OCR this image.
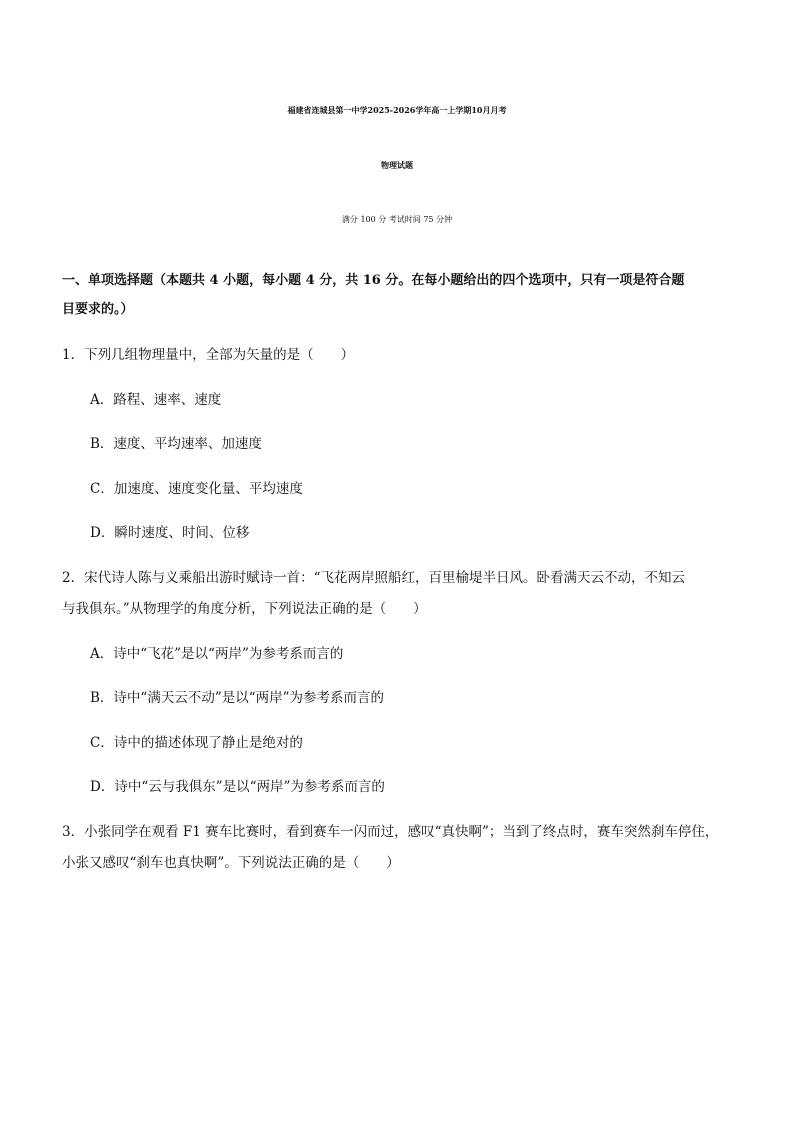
福建省连城县第一中学2025-2026学年高一上学期10月月考
物理试题
满分 100 分 考试时间 75 分钟
一、单项选择题（本题共 4 小题，每小题 4 分，共 16 分。在每小题给出的四个选项中，只有一项是符合题
目要求的。）
1．下列几组物理量中，全部为矢量的是（　　）
A．路程、速率、速度
B．速度、平均速率、加速度
C．加速度、速度变化量、平均速度
D．瞬时速度、时间、位移
2．宋代诗人陈与义乘船出游时赋诗一首：“飞花两岸照船红，百里榆堤半日风。卧看满天云不动，不知云
与我俱东。”从物理学的角度分析，下列说法正确的是（　　）
A．诗中“飞花”是以“两岸”为参考系而言的
B．诗中“满天云不动”是以“两岸”为参考系而言的
C．诗中的描述体现了静止是绝对的
D．诗中“云与我俱东”是以“两岸”为参考系而言的
3．小张同学在观看 F1 赛车比赛时，看到赛车一闪而过，感叹“真快啊”；当到了终点时，赛车突然刹车停住，
小张又感叹“刹车也真快啊”。下列说法正确的是（　　）
